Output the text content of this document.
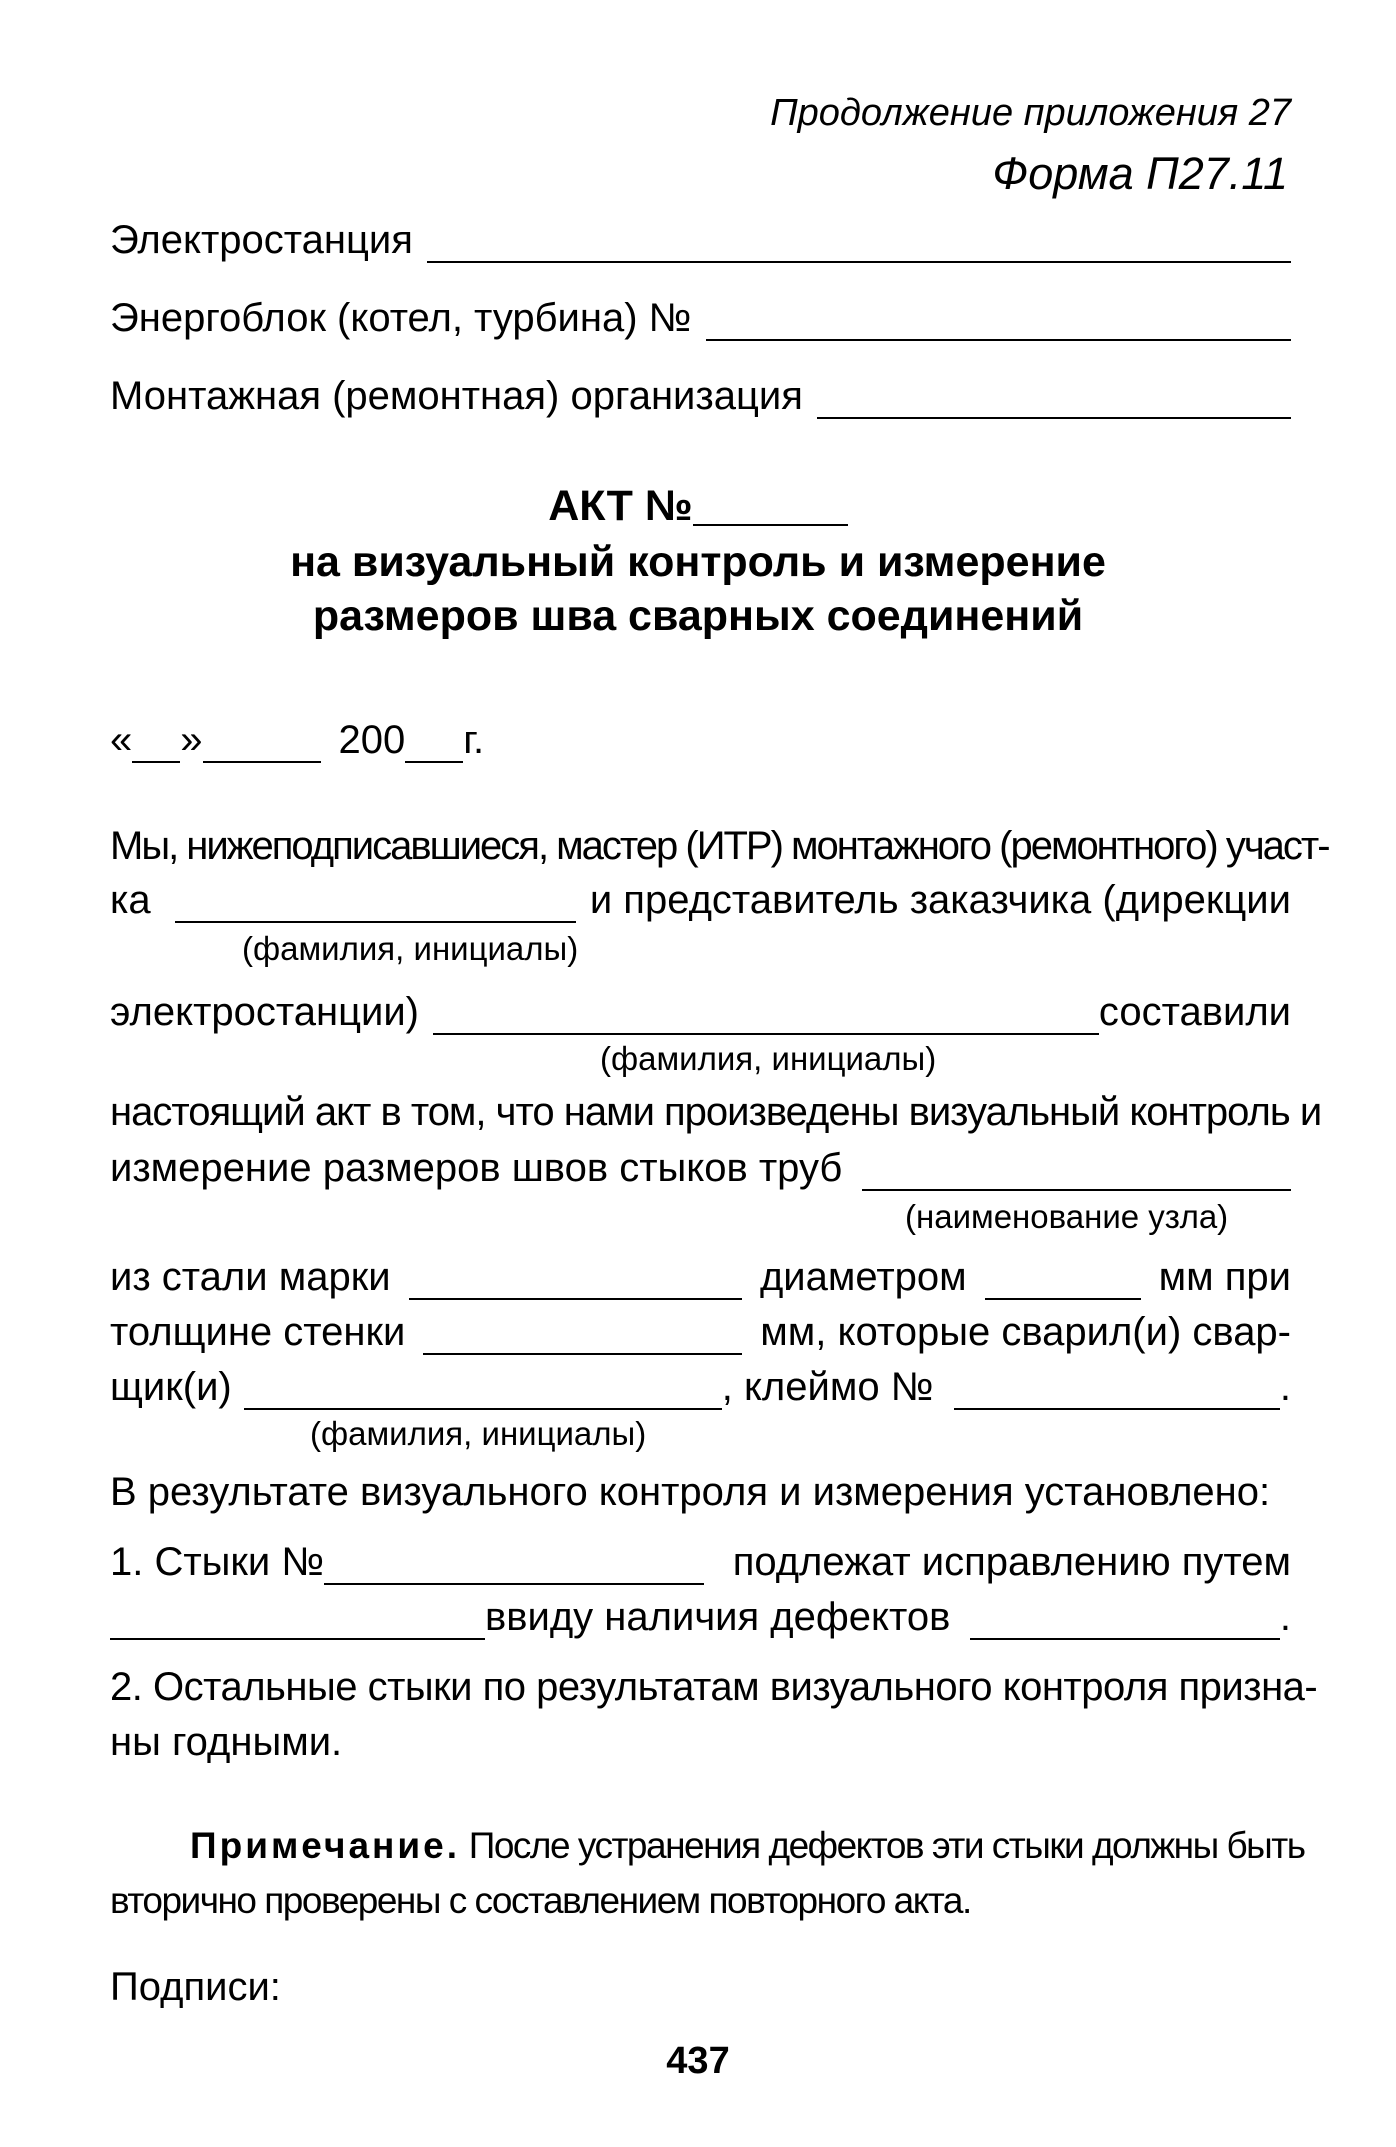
Продолжение приложения 27
Форма П27.11
Электростанция
Энергоблок (котел, турбина) №
Монтажная (ремонтная) организация
АКТ №
на визуальный контроль и измерение
размеров шва сварных соединений
« »	200 г.
Мы, нижеподписавшиеся, мастер (ИТР) монтажного (ремонтного) участ-
ка	и представитель заказчика (дирекции
(фамилия, инициалы)
электростанции)	составили
(фамилия, инициалы)
настоящий акт в том, что нами произведены визуальный контроль и
измерение размеров швов стыков труб
(наименование узла)
из стали марки	диаметром	мм при
толщине стенки	мм, которые сварил(и) свар-
щик(и)	, клеймо №	.
(фамилия, инициалы)
В результате визуального контроля и измерения установлено:
1. Стыки №	подлежат исправлению путем
ввиду наличия дефектов	.
2. Остальные стыки по результатам визуального контроля призна-
ны годными.
Примечание. После устранения дефектов эти стыки должны быть
вторично проверены с составлением повторного акта.
Подписи:
437
